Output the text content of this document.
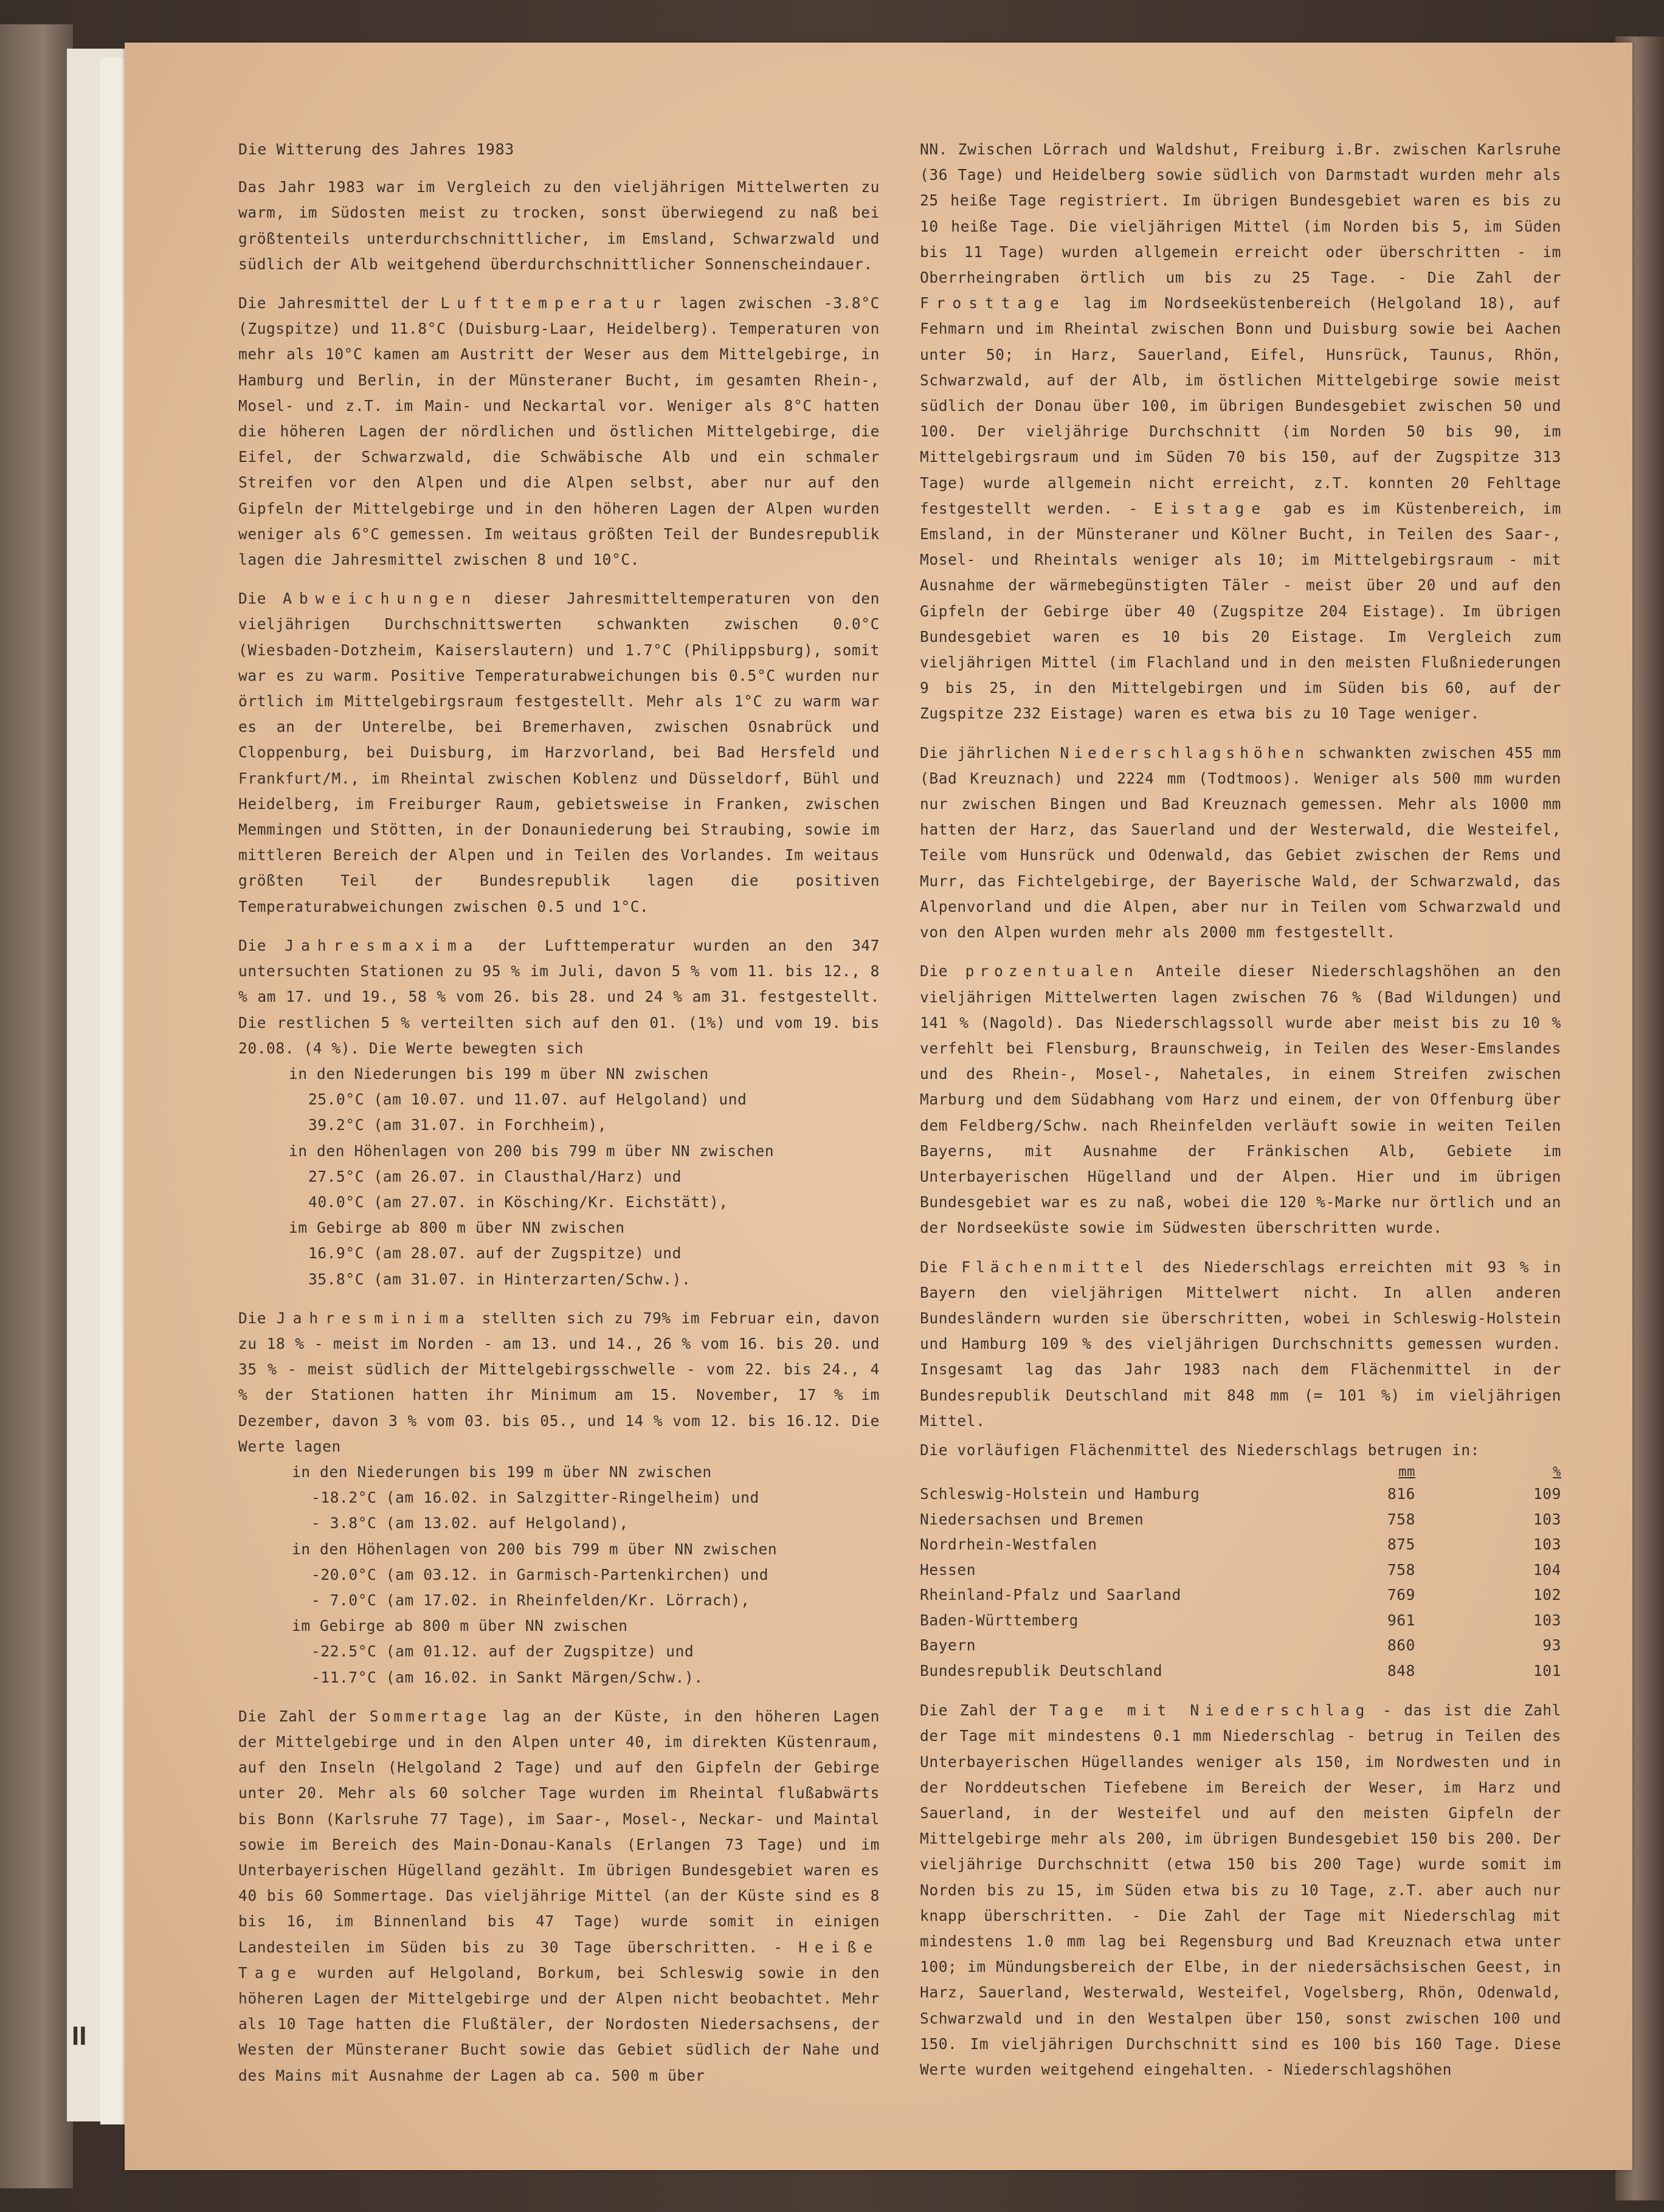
Die Witterung des Jahres 1983

Das Jahr 1983 war im Vergleich zu den vieljährigen Mittelwerten zu warm, im Südosten meist zu trocken, sonst überwiegend zu naß bei größtenteils unterdurchschnittlicher, im Emsland, Schwarzwald und südlich der Alb weitgehend überdurchschnittlicher Sonnenscheindauer.

Die Jahresmittel der Lufttemperatur lagen zwischen -3.8°C (Zugspitze) und 11.8°C (Duisburg-Laar, Heidelberg). Temperaturen von mehr als 10°C kamen am Austritt der Weser aus dem Mittelgebirge, in Hamburg und Berlin, in der Münsteraner Bucht, im gesamten Rhein-, Mosel- und z.T. im Main- und Neckartal vor. Weniger als 8°C hatten die höheren Lagen der nördlichen und östlichen Mittelgebirge, die Eifel, der Schwarzwald, die Schwäbische Alb und ein schmaler Streifen vor den Alpen und die Alpen selbst, aber nur auf den Gipfeln der Mittelgebirge und in den höheren Lagen der Alpen wurden weniger als 6°C gemessen. Im weitaus größten Teil der Bundesrepublik lagen die Jahresmittel zwischen 8 und 10°C.

Die Abweichungen dieser Jahresmitteltemperaturen von den vieljährigen Durchschnittswerten schwankten zwischen 0.0°C (Wiesbaden-Dotzheim, Kaiserslautern) und 1.7°C (Philippsburg), somit war es zu warm. Positive Temperaturabweichungen bis 0.5°C wurden nur örtlich im Mittelgebirgsraum festgestellt. Mehr als 1°C zu warm war es an der Unterelbe, bei Bremerhaven, zwischen Osnabrück und Cloppenburg, bei Duisburg, im Harzvorland, bei Bad Hersfeld und Frankfurt/M., im Rheintal zwischen Koblenz und Düsseldorf, Bühl und Heidelberg, im Freiburger Raum, gebietsweise in Franken, zwischen Memmingen und Stötten, in der Donauniederung bei Straubing, sowie im mittleren Bereich der Alpen und in Teilen des Vorlandes. Im weitaus größten Teil der Bundesrepublik lagen die positiven Temperaturabweichungen zwischen 0.5 und 1°C.

Die Jahresmaxima der Lufttemperatur wurden an den 347 untersuchten Stationen zu 95 % im Juli, davon 5 % vom 11. bis 12., 8 % am 17. und 19., 58 % vom 26. bis 28. und 24 % am 31. festgestellt. Die restlichen 5 % verteilten sich auf den 01. (1%) und vom 19. bis 20.08. (4 %). Die Werte bewegten sich

in den Niederungen bis 199 m über NN zwischen
25.0°C (am 10.07. und 11.07. auf Helgoland) und
39.2°C (am 31.07. in Forchheim),
in den Höhenlagen von 200 bis 799 m über NN zwischen
27.5°C (am 26.07. in Clausthal/Harz) und
40.0°C (am 27.07. in Kösching/Kr. Eichstätt),
im Gebirge ab 800 m über NN zwischen
16.9°C (am 28.07. auf der Zugspitze) und
35.8°C (am 31.07. in Hinterzarten/Schw.).

Die Jahresminima stellten sich zu 79% im Februar ein, davon zu 18 % - meist im Norden - am 13. und 14., 26 % vom 16. bis 20. und 35 % - meist südlich der Mittelgebirgsschwelle - vom 22. bis 24., 4 % der Stationen hatten ihr Minimum am 15. November, 17 % im Dezember, davon 3 % vom 03. bis 05., und 14 % vom 12. bis 16.12. Die Werte lagen

in den Niederungen bis 199 m über NN zwischen
-18.2°C (am 16.02. in Salzgitter-Ringelheim) und
- 3.8°C (am 13.02. auf Helgoland),
in den Höhenlagen von 200 bis 799 m über NN zwischen
-20.0°C (am 03.12. in Garmisch-Partenkirchen) und
- 7.0°C (am 17.02. in Rheinfelden/Kr. Lörrach),
im Gebirge ab 800 m über NN zwischen
-22.5°C (am 01.12. auf der Zugspitze) und
-11.7°C (am 16.02. in Sankt Märgen/Schw.).

Die Zahl der Sommertage lag an der Küste, in den höheren Lagen der Mittelgebirge und in den Alpen unter 40, im direkten Küstenraum, auf den Inseln (Helgoland 2 Tage) und auf den Gipfeln der Gebirge unter 20. Mehr als 60 solcher Tage wurden im Rheintal flußabwärts bis Bonn (Karlsruhe 77 Tage), im Saar-, Mosel-, Neckar- und Maintal sowie im Bereich des Main-Donau-Kanals (Erlangen 73 Tage) und im Unterbayerischen Hügelland gezählt. Im übrigen Bundesgebiet waren es 40 bis 60 Sommertage. Das vieljährige Mittel (an der Küste sind es 8 bis 16, im Binnenland bis 47 Tage) wurde somit in einigen Landesteilen im Süden bis zu 30 Tage überschritten. - Heiße Tage wurden auf Helgoland, Borkum, bei Schleswig sowie in den höheren Lagen der Mittelgebirge und der Alpen nicht beobachtet. Mehr als 10 Tage hatten die Flußtäler, der Nordosten Niedersachsens, der Westen der Münsteraner Bucht sowie das Gebiet südlich der Nahe und des Mains mit Ausnahme der Lagen ab ca. 500 m über

NN. Zwischen Lörrach und Waldshut, Freiburg i.Br. zwischen Karlsruhe (36 Tage) und Heidelberg sowie südlich von Darmstadt wurden mehr als 25 heiße Tage registriert. Im übrigen Bundesgebiet waren es bis zu 10 heiße Tage. Die vieljährigen Mittel (im Norden bis 5, im Süden bis 11 Tage) wurden allgemein erreicht oder überschritten - im Oberrheingraben örtlich um bis zu 25 Tage. - Die Zahl der Frosttage lag im Nordseeküstenbereich (Helgoland 18), auf Fehmarn und im Rheintal zwischen Bonn und Duisburg sowie bei Aachen unter 50; in Harz, Sauerland, Eifel, Hunsrück, Taunus, Rhön, Schwarzwald, auf der Alb, im östlichen Mittelgebirge sowie meist südlich der Donau über 100, im übrigen Bundesgebiet zwischen 50 und 100. Der vieljährige Durchschnitt (im Norden 50 bis 90, im Mittelgebirgsraum und im Süden 70 bis 150, auf der Zugspitze 313 Tage) wurde allgemein nicht erreicht, z.T. konnten 20 Fehltage festgestellt werden. - Eistage gab es im Küstenbereich, im Emsland, in der Münsteraner und Kölner Bucht, in Teilen des Saar-, Mosel- und Rheintals weniger als 10; im Mittelgebirgsraum - mit Ausnahme der wärmebegünstigten Täler - meist über 20 und auf den Gipfeln der Gebirge über 40 (Zugspitze 204 Eistage). Im übrigen Bundesgebiet waren es 10 bis 20 Eistage. Im Vergleich zum vieljährigen Mittel (im Flachland und in den meisten Flußniederungen 9 bis 25, in den Mittelgebirgen und im Süden bis 60, auf der Zugspitze 232 Eistage) waren es etwa bis zu 10 Tage weniger.

Die jährlichen Niederschlagshöhen schwankten zwischen 455 mm (Bad Kreuznach) und 2224 mm (Todtmoos). Weniger als 500 mm wurden nur zwischen Bingen und Bad Kreuznach gemessen. Mehr als 1000 mm hatten der Harz, das Sauerland und der Westerwald, die Westeifel, Teile vom Hunsrück und Odenwald, das Gebiet zwischen der Rems und Murr, das Fichtelgebirge, der Bayerische Wald, der Schwarzwald, das Alpenvorland und die Alpen, aber nur in Teilen vom Schwarzwald und von den Alpen wurden mehr als 2000 mm festgestellt.

Die prozentualen Anteile dieser Niederschlagshöhen an den vieljährigen Mittelwerten lagen zwischen 76 % (Bad Wildungen) und 141 % (Nagold). Das Niederschlagssoll wurde aber meist bis zu 10 % verfehlt bei Flensburg, Braunschweig, in Teilen des Weser-Emslandes und des Rhein-, Mosel-, Nahetales, in einem Streifen zwischen Marburg und dem Südabhang vom Harz und einem, der von Offenburg über dem Feldberg/Schw. nach Rheinfelden verläuft sowie in weiten Teilen Bayerns, mit Ausnahme der Fränkischen Alb, Gebiete im Unterbayerischen Hügelland und der Alpen. Hier und im übrigen Bundesgebiet war es zu naß, wobei die 120 %-Marke nur örtlich und an der Nordseeküste sowie im Südwesten überschritten wurde.

Die Flächenmittel des Niederschlags erreichten mit 93 % in Bayern den vieljährigen Mittelwert nicht. In allen anderen Bundesländern wurden sie überschritten, wobei in Schleswig-Holstein und Hamburg 109 % des vieljährigen Durchschnitts gemessen wurden. Insgesamt lag das Jahr 1983 nach dem Flächenmittel in der Bundesrepublik Deutschland mit 848 mm (= 101 %) im vieljährigen Mittel.

Die vorläufigen Flächenmittel des Niederschlags betrugen in:
	mm	%
Schleswig-Holstein und Hamburg	816	109
Niedersachsen und Bremen	758	103
Nordrhein-Westfalen	875	103
Hessen	758	104
Rheinland-Pfalz und Saarland	769	102
Baden-Württemberg	961	103
Bayern	860	93
Bundesrepublik Deutschland	848	101

Die Zahl der Tage mit Niederschlag - das ist die Zahl der Tage mit mindestens 0.1 mm Niederschlag - betrug in Teilen des Unterbayerischen Hügellandes weniger als 150, im Nordwesten und in der Norddeutschen Tiefebene im Bereich der Weser, im Harz und Sauerland, in der Westeifel und auf den meisten Gipfeln der Mittelgebirge mehr als 200, im übrigen Bundesgebiet 150 bis 200. Der vieljährige Durchschnitt (etwa 150 bis 200 Tage) wurde somit im Norden bis zu 15, im Süden etwa bis zu 10 Tage, z.T. aber auch nur knapp überschritten. - Die Zahl der Tage mit Niederschlag mit mindestens 1.0 mm lag bei Regensburg und Bad Kreuznach etwa unter 100; im Mündungsbereich der Elbe, in der niedersächsischen Geest, in Harz, Sauerland, Westerwald, Westeifel, Vogelsberg, Rhön, Odenwald, Schwarzwald und in den Westalpen über 150, sonst zwischen 100 und 150. Im vieljährigen Durchschnitt sind es 100 bis 160 Tage. Diese Werte wurden weitgehend eingehalten. - Niederschlagshöhen

II
